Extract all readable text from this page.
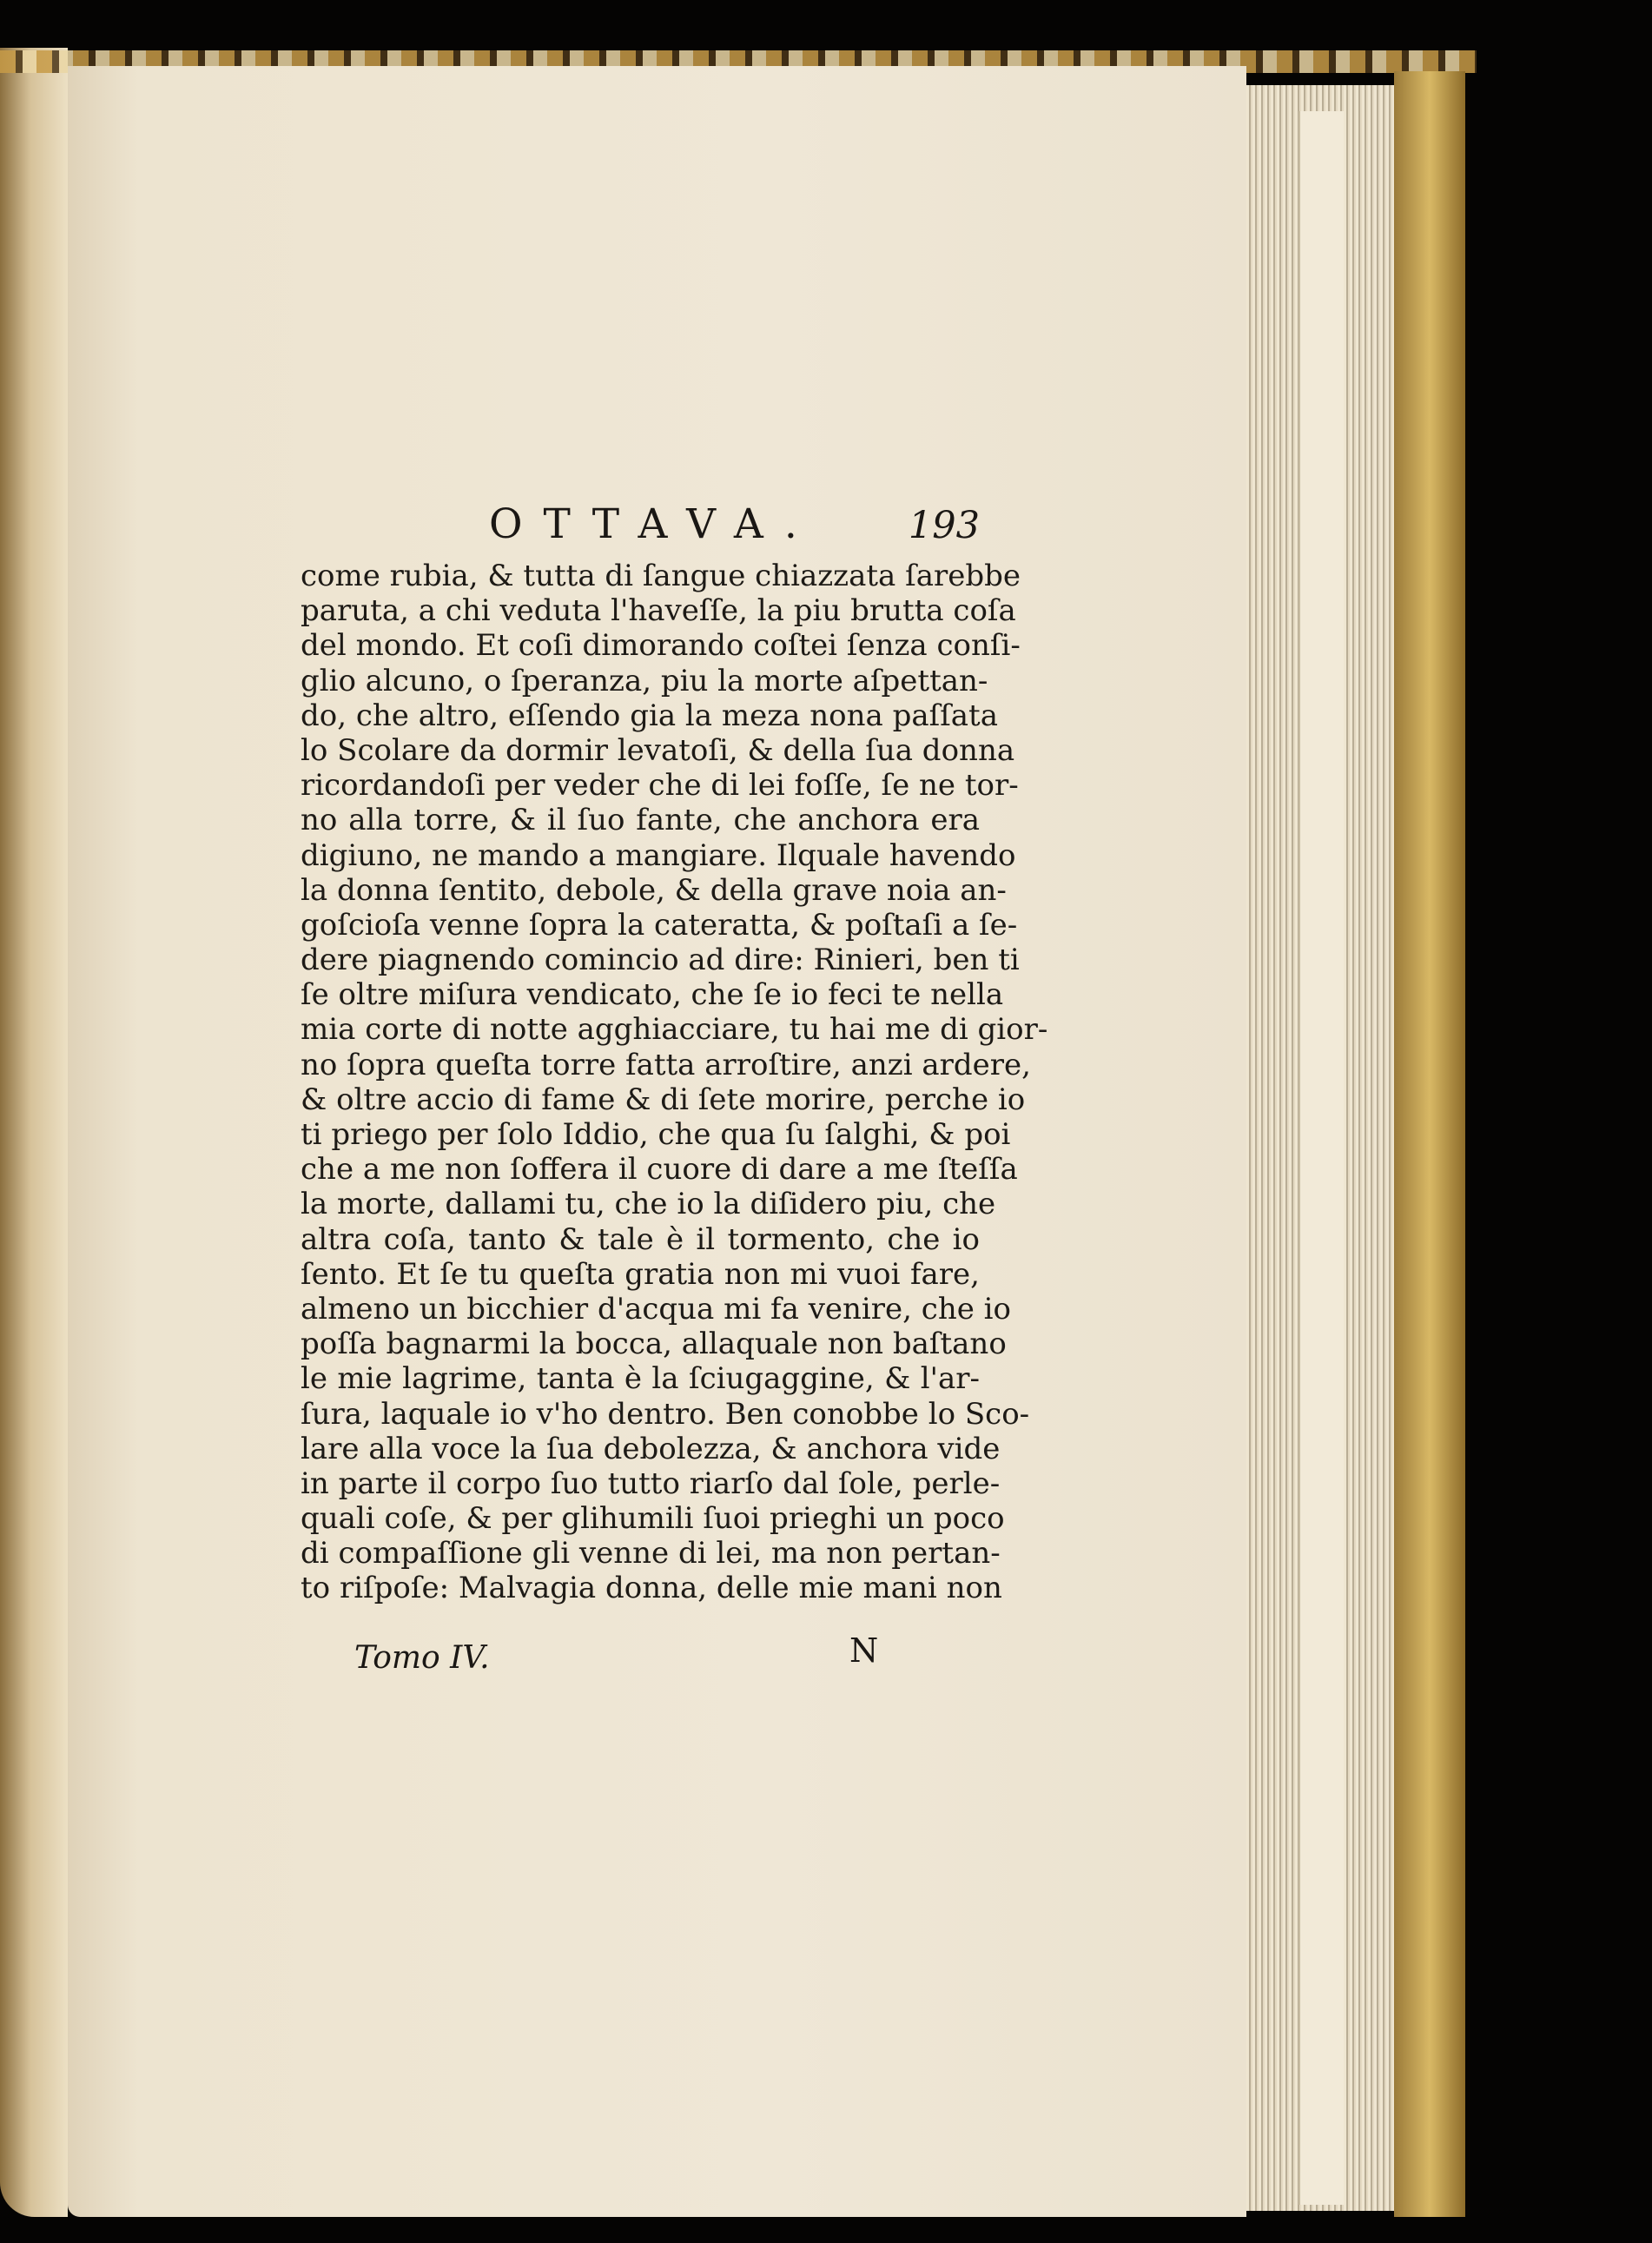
OTTAVA. 193
come rubia, & tutta di ſangue chiazzata ſarebbe
paruta, a chi veduta l'haveſſe, la piu brutta coſa
del mondo. Et coſi dimorando coſtei ſenza conſi-
glio alcuno, o ſperanza, piu la morte aſpettan-
do, che altro, eſſendo gia la meza nona paſſata
lo Scolare da dormir levatoſi, & della ſua donna
ricordandoſi per veder che di lei foſſe, ſe ne tor-
no alla torre, & il ſuo fante, che anchora era
digiuno, ne mando a mangiare. Ilquale havendo
la donna ſentito, debole, & della grave noia an-
goſcioſa venne ſopra la cateratta, & poſtaſi a ſe-
dere piagnendo comincio ad dire: Rinieri, ben ti
ſe oltre miſura vendicato, che ſe io feci te nella
mia corte di notte agghiacciare, tu hai me di gior-
no ſopra queſta torre fatta arroſtire, anzi ardere,
& oltre accio di fame & di ſete morire, perche io
ti priego per ſolo Iddio, che qua ſu ſalghi, & poi
che a me non ſoffera il cuore di dare a me ſteſſa
la morte, dallami tu, che io la diſidero piu, che
altra coſa, tanto & tale è il tormento, che io
ſento. Et ſe tu queſta gratia non mi vuoi fare,
almeno un bicchier d'acqua mi fa venire, che io
poſſa bagnarmi la bocca, allaquale non baſtano
le mie lagrime, tanta è la ſciugaggine, & l'ar-
ſura, laquale io v'ho dentro. Ben conobbe lo Sco-
lare alla voce la ſua debolezza, & anchora vide
in parte il corpo ſuo tutto riarſo dal ſole, perle-
quali coſe, & per glihumili ſuoi prieghi un poco
di compaſſione gli venne di lei, ma non pertan-
to riſpoſe: Malvagia donna, delle mie mani non
Tomo IV.	N
